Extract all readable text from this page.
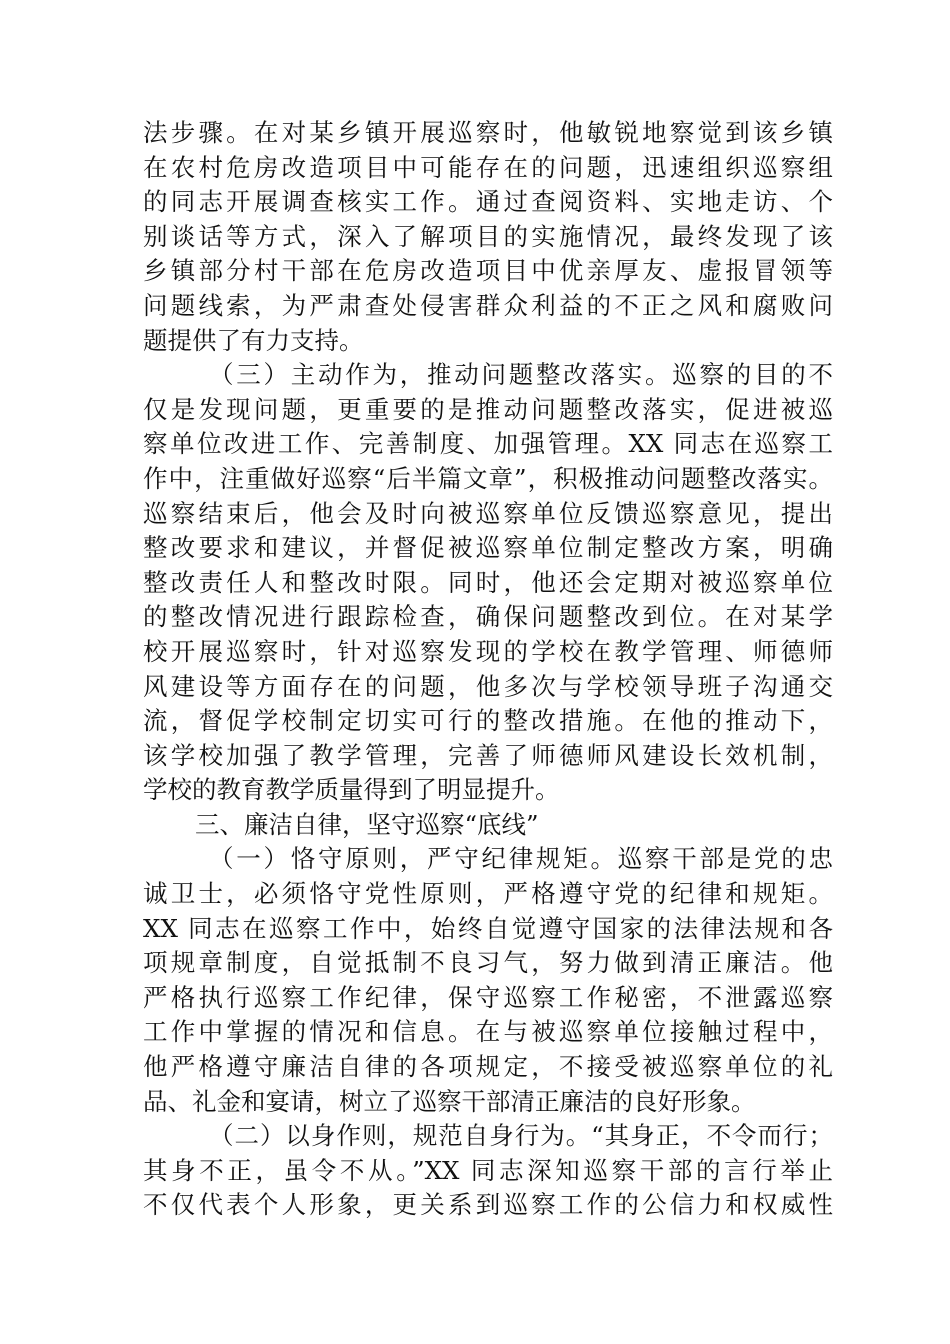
法步骤。在对某乡镇开展巡察时，他敏锐地察觉到该乡镇
在农村危房改造项目中可能存在的问题，迅速组织巡察组
的同志开展调查核实工作。通过查阅资料、实地走访、个
别谈话等方式，深入了解项目的实施情况，最终发现了该
乡镇部分村干部在危房改造项目中优亲厚友、虚报冒领等
问题线索，为严肃查处侵害群众利益的不正之风和腐败问
题提供了有力支持。
（三）主动作为，推动问题整改落实。巡察的目的不
仅是发现问题，更重要的是推动问题整改落实，促进被巡
察单位改进工作、完善制度、加强管理。XX 同志在巡察工
作中，注重做好巡察“后半篇文章”，积极推动问题整改落实。
巡察结束后，他会及时向被巡察单位反馈巡察意见，提出
整改要求和建议，并督促被巡察单位制定整改方案，明确
整改责任人和整改时限。同时，他还会定期对被巡察单位
的整改情况进行跟踪检查，确保问题整改到位。在对某学
校开展巡察时，针对巡察发现的学校在教学管理、师德师
风建设等方面存在的问题，他多次与学校领导班子沟通交
流，督促学校制定切实可行的整改措施。在他的推动下，
该学校加强了教学管理，完善了师德师风建设长效机制，
学校的教育教学质量得到了明显提升。
三、廉洁自律，坚守巡察“底线”
（一）恪守原则，严守纪律规矩。巡察干部是党的忠
诚卫士，必须恪守党性原则，严格遵守党的纪律和规矩。
XX 同志在巡察工作中，始终自觉遵守国家的法律法规和各
项规章制度，自觉抵制不良习气，努力做到清正廉洁。他
严格执行巡察工作纪律，保守巡察工作秘密，不泄露巡察
工作中掌握的情况和信息。在与被巡察单位接触过程中，
他严格遵守廉洁自律的各项规定，不接受被巡察单位的礼
品、礼金和宴请，树立了巡察干部清正廉洁的良好形象。
（二）以身作则，规范自身行为。“其身正，不令而行；
其身不正，虽令不从。”XX 同志深知巡察干部的言行举止
不仅代表个人形象，更关系到巡察工作的公信力和权威性
